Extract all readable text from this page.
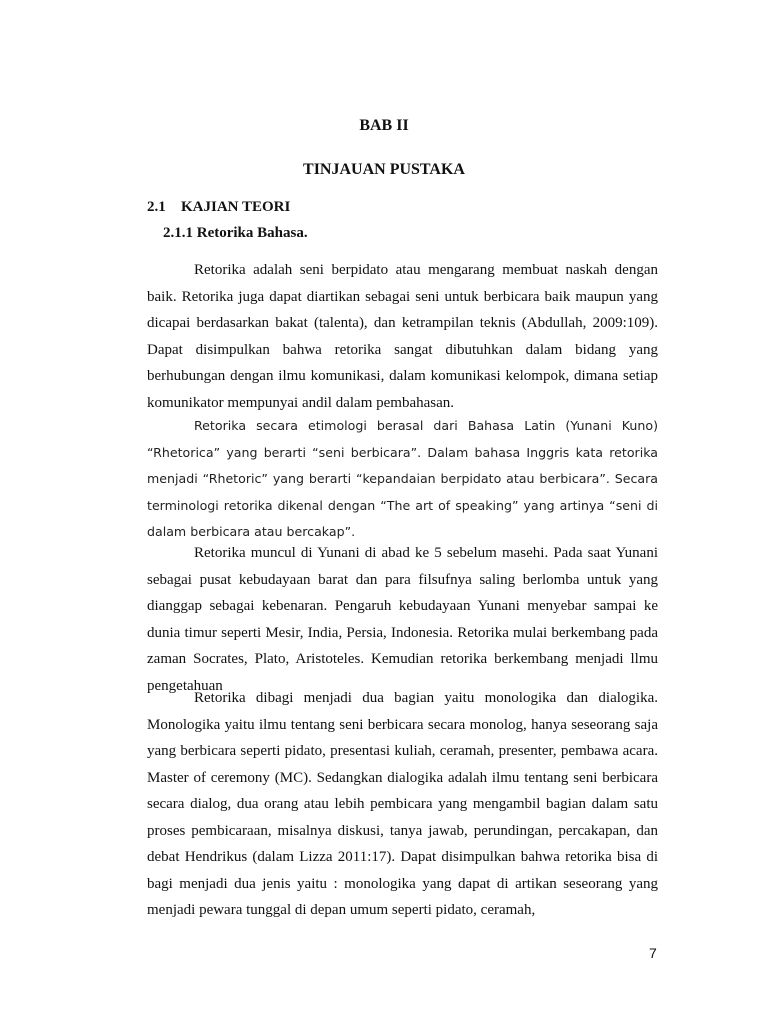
BAB II
TINJAUAN PUSTAKA
2.1 KAJIAN TEORI
2.1.1 Retorika Bahasa.

Retorika adalah seni berpidato atau mengarang membuat naskah dengan baik. Retorika juga dapat diartikan sebagai seni untuk berbicara baik maupun yang dicapai berdasarkan bakat (talenta), dan ketrampilan teknis (Abdullah, 2009:109). Dapat disimpulkan bahwa retorika sangat dibutuhkan dalam bidang yang berhubungan dengan ilmu komunikasi, dalam komunikasi kelompok, dimana setiap komunikator mempunyai andil dalam pembahasan.

Retorika secara etimologi berasal dari Bahasa Latin (Yunani Kuno) “Rhetorica” yang berarti “seni berbicara”. Dalam bahasa Inggris kata retorika menjadi “Rhetoric” yang berarti “kepandaian berpidato atau berbicara”. Secara terminologi retorika dikenal dengan “The art of speaking” yang artinya “seni di dalam berbicara atau bercakap”.

Retorika muncul di Yunani di abad ke 5 sebelum masehi. Pada saat Yunani sebagai pusat kebudayaan barat dan para filsufnya saling berlomba untuk yang dianggap sebagai kebenaran. Pengaruh kebudayaan Yunani menyebar sampai ke dunia timur seperti Mesir, India, Persia, Indonesia. Retorika mulai berkembang pada zaman Socrates, Plato, Aristoteles. Kemudian retorika berkembang menjadi llmu pengetahuan

Retorika dibagi menjadi dua bagian yaitu monologika dan dialogika. Monologika yaitu ilmu tentang seni berbicara secara monolog, hanya seseorang saja yang berbicara seperti pidato, presentasi kuliah, ceramah, presenter, pembawa acara. Master of ceremony (MC). Sedangkan dialogika adalah ilmu tentang seni berbicara secara dialog, dua orang atau lebih pembicara yang mengambil bagian dalam satu proses pembicaraan, misalnya diskusi, tanya jawab, perundingan, percakapan, dan debat Hendrikus (dalam Lizza 2011:17). Dapat disimpulkan bahwa retorika bisa di bagi menjadi dua jenis yaitu : monologika yang dapat di artikan seseorang yang menjadi pewara tunggal di depan umum seperti pidato, ceramah,

7
